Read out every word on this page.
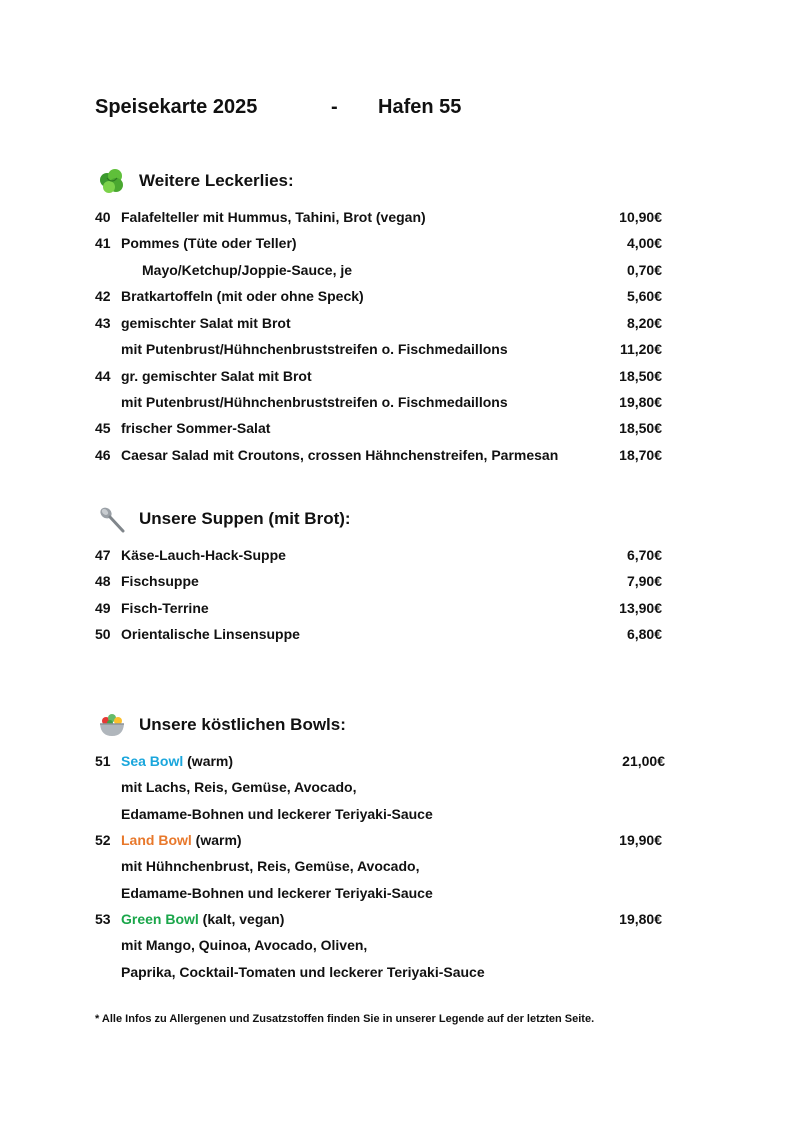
Speisekarte 2025

	-

Hafen 55

Weitere Leckerlies:
40 Falafelteller mit Hummus, Tahini, Brot (vegan)	10,90€
41 Pommes (Tüte oder Teller)	4,00€
Mayo/Ketchup/Joppie-Sauce, je	0,70€
42 Bratkartoffeln (mit oder ohne Speck)	5,60€
43 gemischter Salat mit Brot	8,20€
mit Putenbrust/Hühnchenbruststreifen o. Fischmedaillons	11,20€
44 gr. gemischter Salat mit Brot	18,50€
mit Putenbrust/Hühnchenbruststreifen o. Fischmedaillons	19,80€
45 frischer Sommer-Salat	18,50€
46 Caesar Salad mit Croutons, crossen Hähnchenstreifen, Parmesan	18,70€
Unsere Suppen (mit Brot):
47 Käse-Lauch-Hack-Suppe	6,70€
48 Fischsuppe	7,90€
49 Fisch-Terrine	13,90€
50 Orientalische Linsensuppe	6,80€
Unsere köstlichen Bowls:
51 Sea Bowl (warm)	21,00€
mit Lachs, Reis, Gemüse, Avocado,
Edamame-Bohnen und leckerer Teriyaki-Sauce
52 Land Bowl (warm)	19,90€
mit Hühnchenbrust, Reis, Gemüse, Avocado,
Edamame-Bohnen und leckerer Teriyaki-Sauce
53 Green Bowl (kalt, vegan)	19,80€
mit Mango, Quinoa, Avocado, Oliven,
Paprika, Cocktail-Tomaten und leckerer Teriyaki-Sauce
* Alle Infos zu Allergenen und Zusatzstoffen finden Sie in unserer Legende auf der letzten Seite.
